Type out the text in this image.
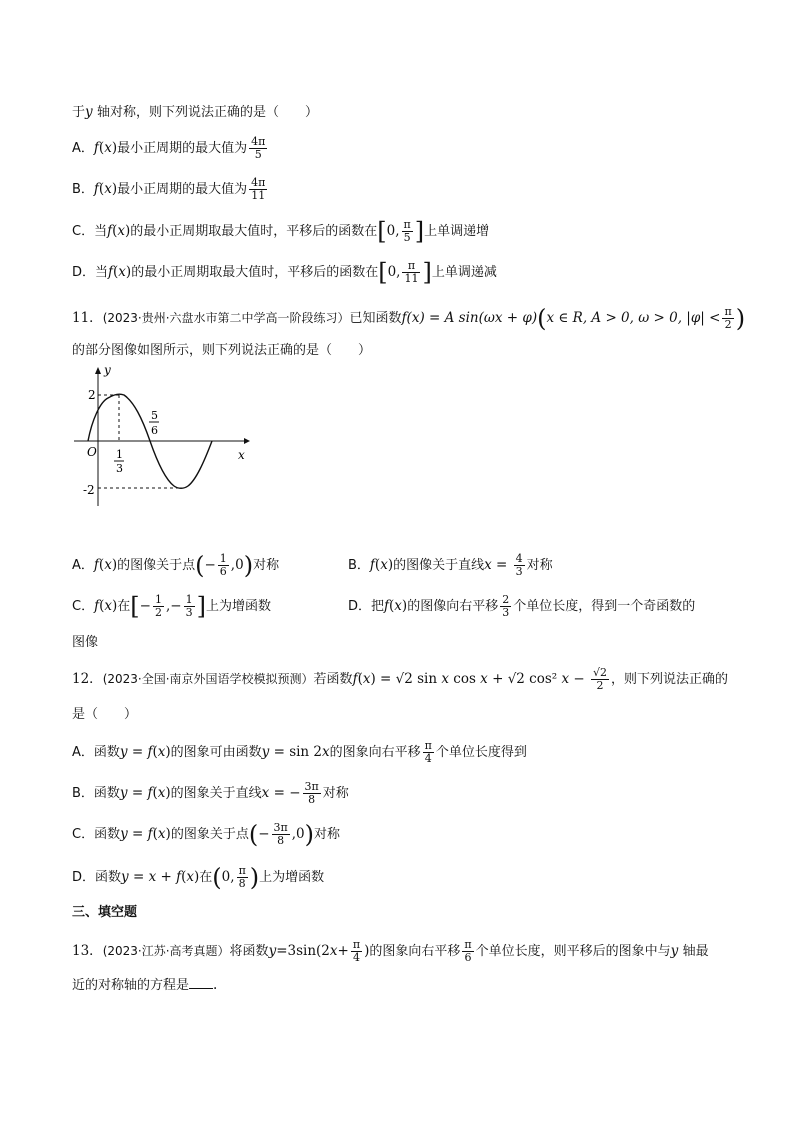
于y 轴对称，则下列说法正确的是（　　）
A．f(x)最小正周期的最大值为 $\frac{4\pi}{5}$
B．f(x)最小正周期的最大值为 $\frac{4\pi}{11}$
C．当f(x)的最小正周期取最大值时，平移后的函数在[0, $\frac{\pi}{5}$ ]上单调递增
D．当f(x)的最小正周期取最大值时，平移后的函数在[0, $\frac{\pi}{11}$ ]上单调递减
11．(2023·贵州·六盘水市第二中学高一阶段练习）已知函数f(x) = A sin(ωx + φ)(x ∈ R, A > 0, ω > 0, $|\varphi| < \frac{\pi}{2}$ )
的部分图像如图所示，则下列说法正确的是（　　）
y
x
O
2
-2
1
3
5
6
A．f(x)的图像关于点(− $\frac{1}{6} ,0$)对称	B．f(x)的图像关于直线$x = \frac{4}{3}$ 对称
C．f(x)在[− $\frac{1}{2}$ ,− $\frac{1}{3}$ ]上为增函数	D．把f(x)的图像向右平移 $\frac{2}{3}$ 个单位长度，得到一个奇函数的
图像
12．(2023·全国·南京外国语学校模拟预测）若函数f(x) = √2 sin x cos x + √2 cos² $x - \frac{√2}{2}$ ，则下列说法正确的
是（　　）
A．函数y = f(x)的图象可由函数y = sin 2x的图象向右平移 $\frac{\pi}{4}$ 个单位长度得到
B．函数y = f(x)的图象关于直线x = − $\frac{3\pi}{8}$ 对称
C．函数y = f(x)的图象关于点(− $\frac{3\pi}{8} ,0$)对称
D．函数y = x + f(x)在(0, $\frac{\pi}{8}$ )上为增函数
三、填空题
13．(2023·江苏·高考真题）将函数$y=3\sin(2x+ \frac{\pi}{4}$ )的图象向右平移 $\frac{\pi}{6}$ 个单位长度，则平移后的图象中与y 轴最
近的对称轴的方程是 .
